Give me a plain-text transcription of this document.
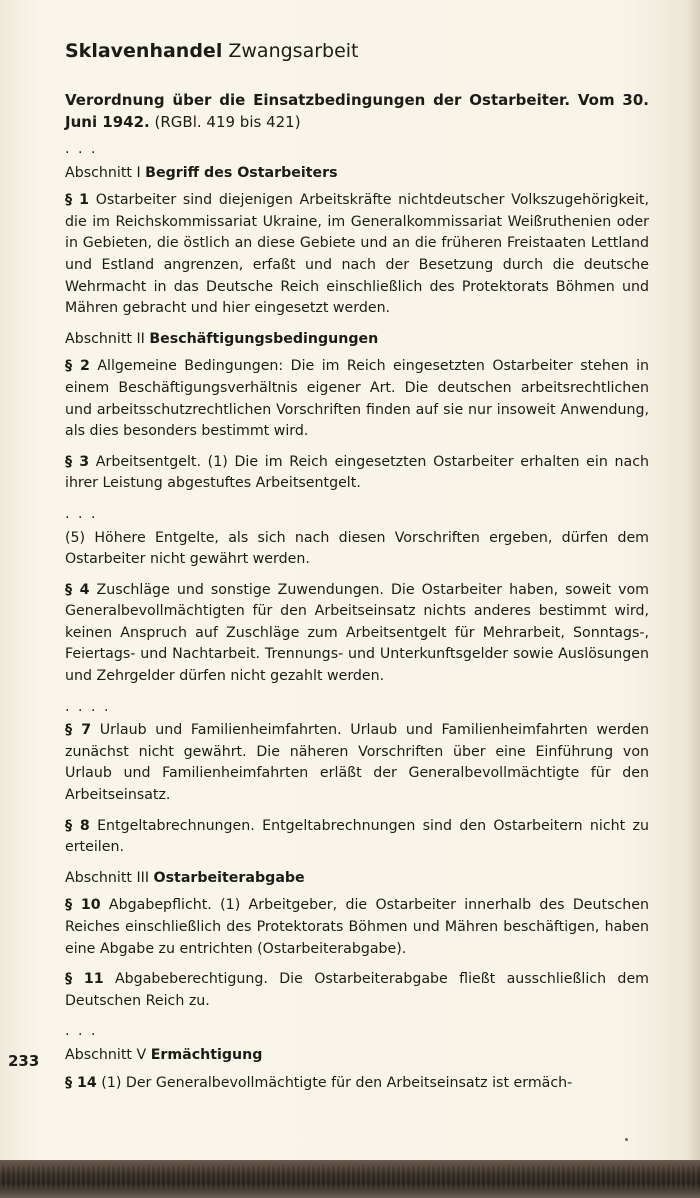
Sklavenhandel Zwangsarbeit

Verordnung über die Einsatzbedingungen der Ostarbeiter. Vom 30. Juni 1942. (RGBl. 419 bis 421)

. . .

Abschnitt I Begriff des Ostarbeiters

§ 1 Ostarbeiter sind diejenigen Arbeitskräfte nichtdeutscher Volkszugehörigkeit, die im Reichskommissariat Ukraine, im Generalkommissariat Weißruthenien oder in Gebieten, die östlich an diese Gebiete und an die früheren Freistaaten Lettland und Estland angrenzen, erfaßt und nach der Besetzung durch die deutsche Wehrmacht in das Deutsche Reich einschließlich des Protektorats Böhmen und Mähren gebracht und hier eingesetzt werden.

Abschnitt II Beschäftigungsbedingungen

§ 2 Allgemeine Bedingungen: Die im Reich eingesetzten Ostarbeiter stehen in einem Beschäftigungsverhältnis eigener Art. Die deutschen arbeitsrechtlichen und arbeitsschutzrechtlichen Vorschriften finden auf sie nur insoweit Anwendung, als dies besonders bestimmt wird.

§ 3 Arbeitsentgelt. (1) Die im Reich eingesetzten Ostarbeiter erhalten ein nach ihrer Leistung abgestuftes Arbeitsentgelt.

. . .

(5) Höhere Entgelte, als sich nach diesen Vorschriften ergeben, dürfen dem Ostarbeiter nicht gewährt werden.

§ 4 Zuschläge und sonstige Zuwendungen. Die Ostarbeiter haben, soweit vom Generalbevollmächtigten für den Arbeitseinsatz nichts anderes bestimmt wird, keinen Anspruch auf Zuschläge zum Arbeitsentgelt für Mehrarbeit, Sonntags-, Feiertags- und Nachtarbeit. Trennungs- und Unterkunftsgelder sowie Auslösungen und Zehrgelder dürfen nicht gezahlt werden.

. . . .

§ 7 Urlaub und Familienheimfahrten. Urlaub und Familienheimfahrten werden zunächst nicht gewährt. Die näheren Vorschriften über eine Einführung von Urlaub und Familienheimfahrten erläßt der Generalbevollmächtigte für den Arbeitseinsatz.

§ 8 Entgeltabrechnungen. Entgeltabrechnungen sind den Ostarbeitern nicht zu erteilen.

Abschnitt III Ostarbeiterabgabe

§ 10 Abgabepflicht. (1) Arbeitgeber, die Ostarbeiter innerhalb des Deutschen Reiches einschließlich des Protektorats Böhmen und Mähren beschäftigen, haben eine Abgabe zu entrichten (Ostarbeiterabgabe).

§ 11 Abgabeberechtigung. Die Ostarbeiterabgabe fließt ausschließlich dem Deutschen Reich zu.

. . .

Abschnitt V Ermächtigung

§ 14 (1) Der Generalbevollmächtigte für den Arbeitseinsatz ist ermäch-

233
